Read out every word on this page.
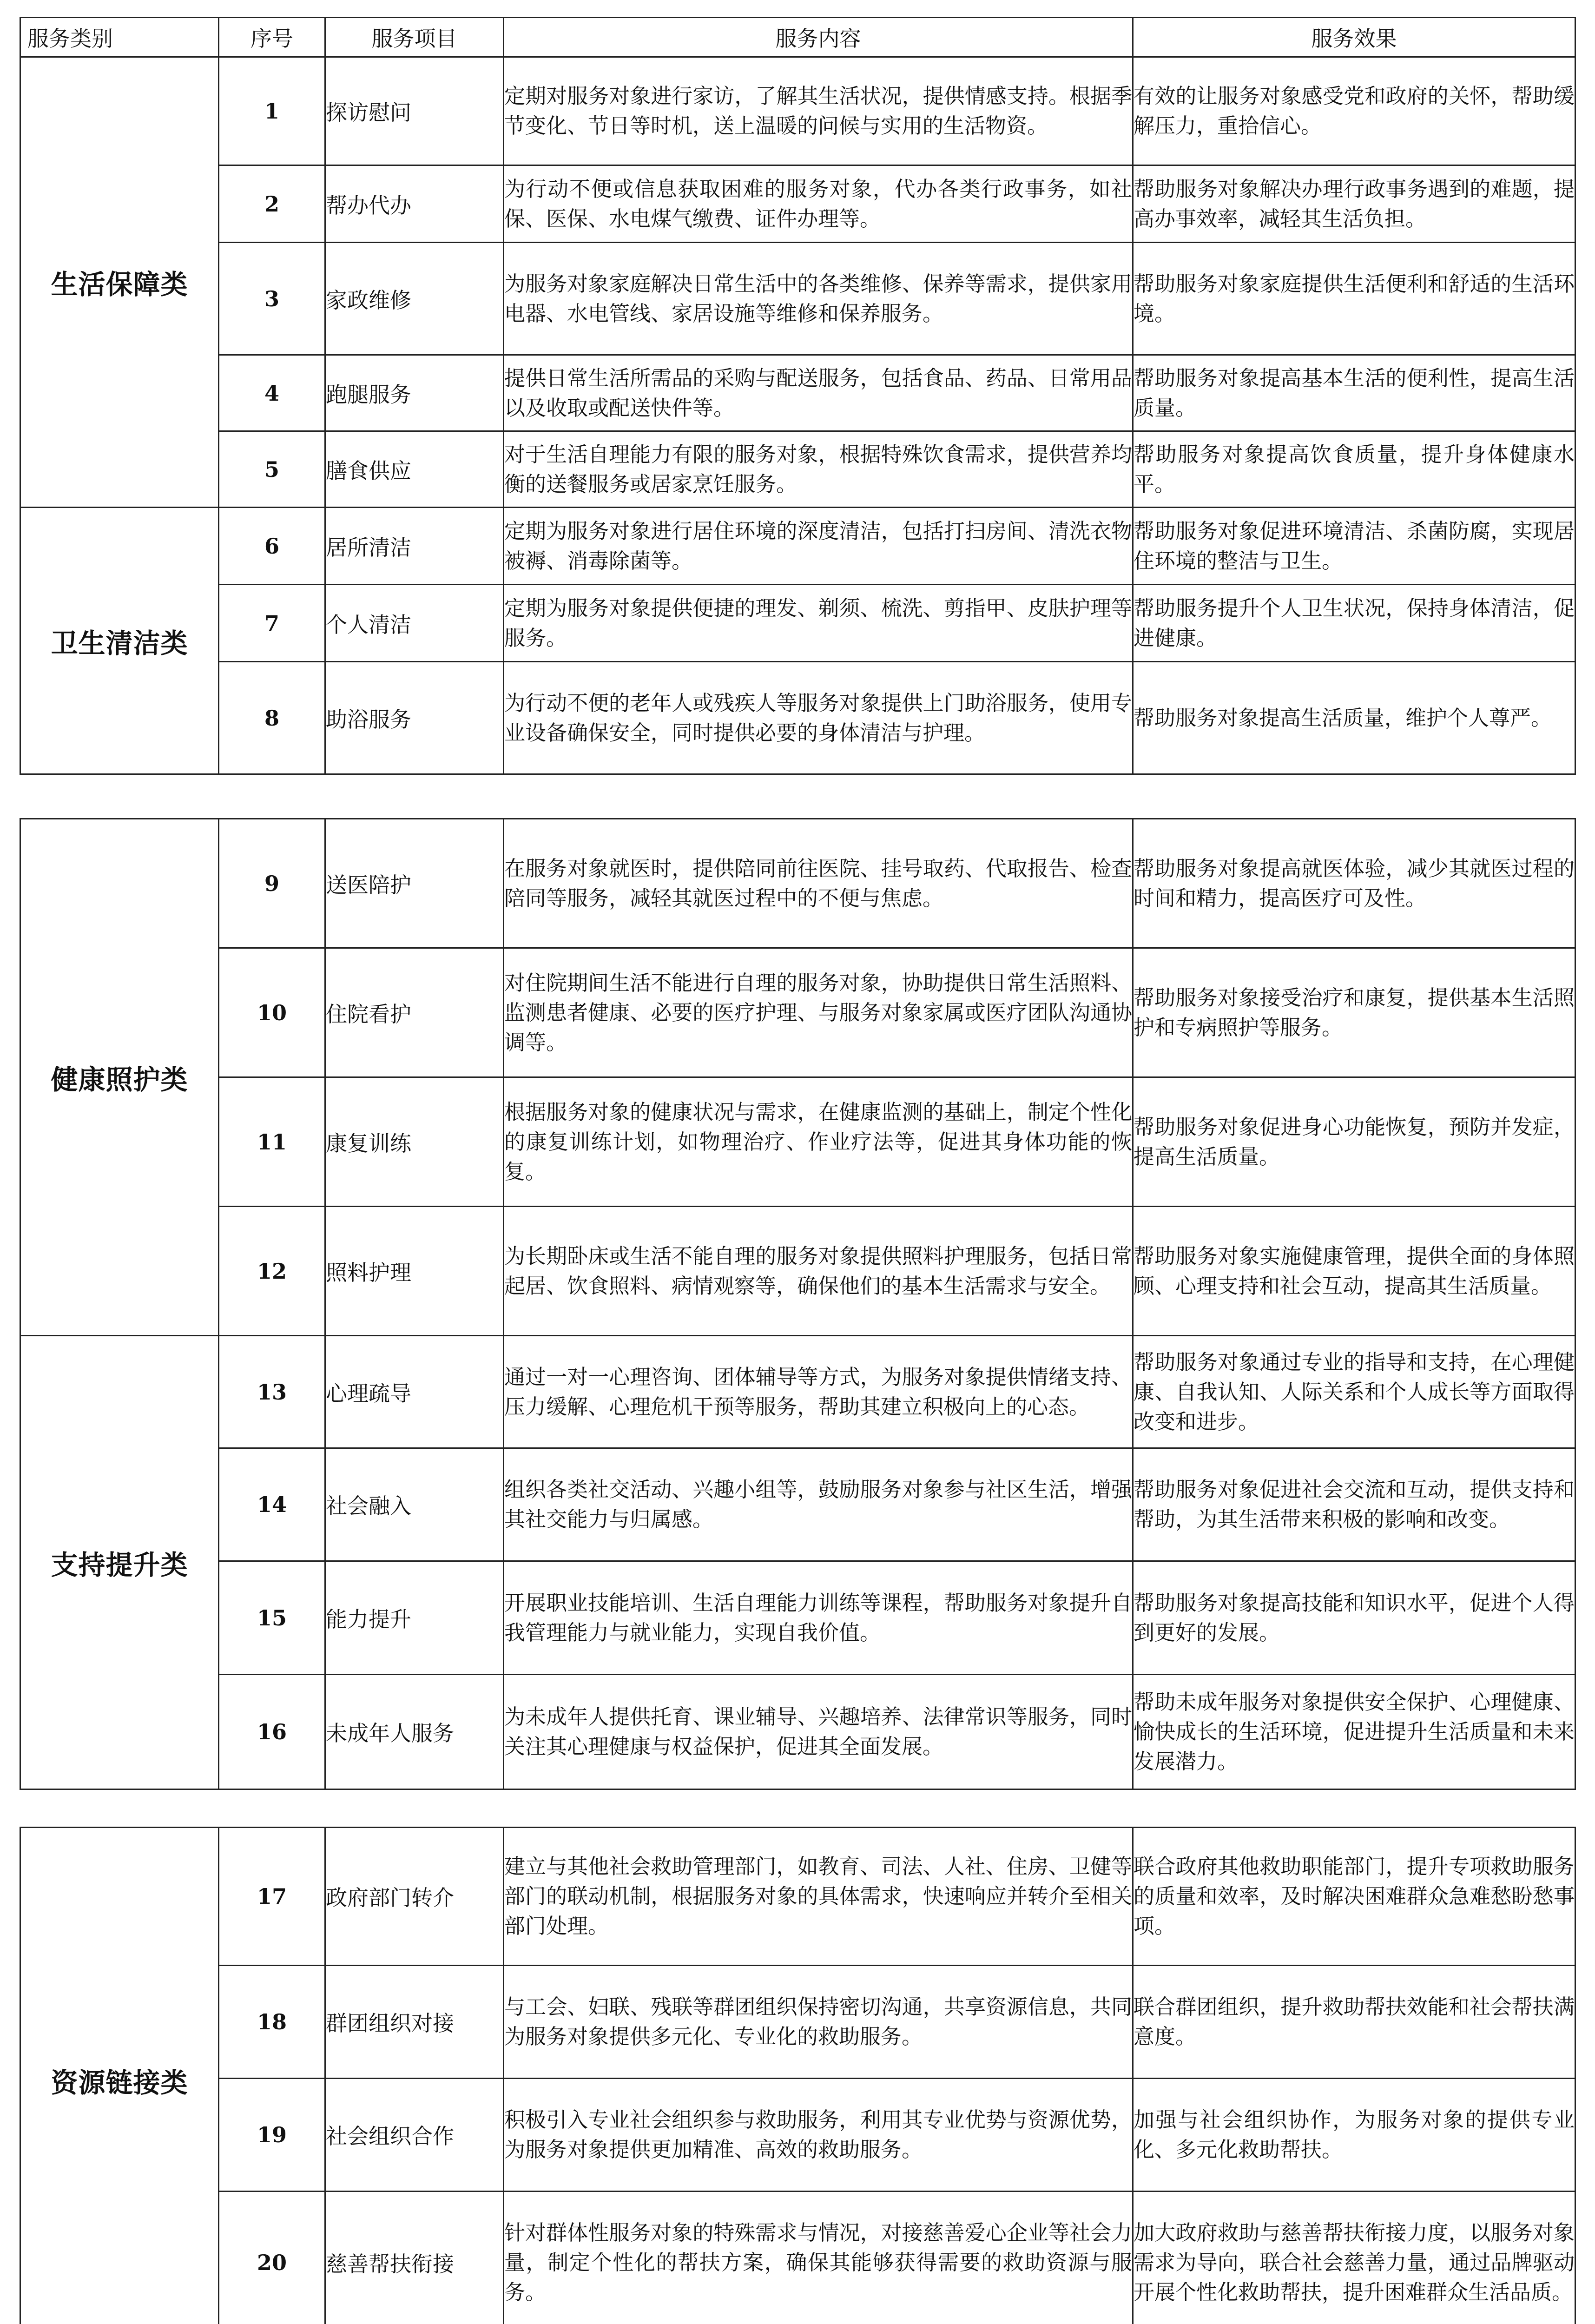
服务类别	序号	服务项目	服务内容	服务效果
生活保障类	1	探访慰问	定期对服务对象进行家访，了解其生活状况，提供情感支持。根据季节变化、节日等时机，送上温暖的问候与实用的生活物资。	有效的让服务对象感受党和政府的关怀，帮助缓解压力，重拾信心。
	2	帮办代办	为行动不便或信息获取困难的服务对象，代办各类行政事务，如社保、医保、水电煤气缴费、证件办理等。	帮助服务对象解决办理行政事务遇到的难题，提高办事效率，减轻其生活负担。
	3	家政维修	为服务对象家庭解决日常生活中的各类维修、保养等需求，提供家用电器、水电管线、家居设施等维修和保养服务。	帮助服务对象家庭提供生活便利和舒适的生活环境。
	4	跑腿服务	提供日常生活所需品的采购与配送服务，包括食品、药品、日常用品以及收取或配送快件等。	帮助服务对象提高基本生活的便利性，提高生活质量。
	5	膳食供应	对于生活自理能力有限的服务对象，根据特殊饮食需求，提供营养均衡的送餐服务或居家烹饪服务。	帮助服务对象提高饮食质量，提升身体健康水平。
卫生清洁类	6	居所清洁	定期为服务对象进行居住环境的深度清洁，包括打扫房间、清洗衣物被褥、消毒除菌等。	帮助服务对象促进环境清洁、杀菌防腐，实现居住环境的整洁与卫生。
	7	个人清洁	定期为服务对象提供便捷的理发、剃须、梳洗、剪指甲、皮肤护理等服务。	帮助服务提升个人卫生状况，保持身体清洁，促进健康。
	8	助浴服务	为行动不便的老年人或残疾人等服务对象提供上门助浴服务，使用专业设备确保安全，同时提供必要的身体清洁与护理。	帮助服务对象提高生活质量，维护个人尊严。
健康照护类	9	送医陪护	在服务对象就医时，提供陪同前往医院、挂号取药、代取报告、检查陪同等服务，减轻其就医过程中的不便与焦虑。	帮助服务对象提高就医体验，减少其就医过程的时间和精力，提高医疗可及性。
	10	住院看护	对住院期间生活不能进行自理的服务对象，协助提供日常生活照料、监测患者健康、必要的医疗护理、与服务对象家属或医疗团队沟通协调等。	帮助服务对象接受治疗和康复，提供基本生活照护和专病照护等服务。
	11	康复训练	根据服务对象的健康状况与需求，在健康监测的基础上，制定个性化的康复训练计划，如物理治疗、作业疗法等，促进其身体功能的恢复。	帮助服务对象促进身心功能恢复，预防并发症，提高生活质量。
	12	照料护理	为长期卧床或生活不能自理的服务对象提供照料护理服务，包括日常起居、饮食照料、病情观察等，确保他们的基本生活需求与安全。	帮助服务对象实施健康管理，提供全面的身体照顾、心理支持和社会互动，提高其生活质量。
支持提升类	13	心理疏导	通过一对一心理咨询、团体辅导等方式，为服务对象提供情绪支持、压力缓解、心理危机干预等服务，帮助其建立积极向上的心态。	帮助服务对象通过专业的指导和支持，在心理健康、自我认知、人际关系和个人成长等方面取得改变和进步。
	14	社会融入	组织各类社交活动、兴趣小组等，鼓励服务对象参与社区生活，增强其社交能力与归属感。	帮助服务对象促进社会交流和互动，提供支持和帮助，为其生活带来积极的影响和改变。
	15	能力提升	开展职业技能培训、生活自理能力训练等课程，帮助服务对象提升自我管理能力与就业能力，实现自我价值。	帮助服务对象提高技能和知识水平，促进个人得到更好的发展。
	16	未成年人服务	为未成年人提供托育、课业辅导、兴趣培养、法律常识等服务，同时关注其心理健康与权益保护，促进其全面发展。	帮助未成年服务对象提供安全保护、心理健康、愉快成长的生活环境，促进提升生活质量和未来发展潜力。
资源链接类	17	政府部门转介	建立与其他社会救助管理部门，如教育、司法、人社、住房、卫健等部门的联动机制，根据服务对象的具体需求，快速响应并转介至相关部门处理。	联合政府其他救助职能部门，提升专项救助服务的质量和效率，及时解决困难群众急难愁盼愁事项。
	18	群团组织对接	与工会、妇联、残联等群团组织保持密切沟通，共享资源信息，共同为服务对象提供多元化、专业化的救助服务。	联合群团组织，提升救助帮扶效能和社会帮扶满意度。
	19	社会组织合作	积极引入专业社会组织参与救助服务，利用其专业优势与资源优势，为服务对象提供更加精准、高效的救助服务。	加强与社会组织协作，为服务对象的提供专业化、多元化救助帮扶。
	20	慈善帮扶衔接	针对群体性服务对象的特殊需求与情况，对接慈善爱心企业等社会力量，制定个性化的帮扶方案，确保其能够获得需要的救助资源与服务。	加大政府救助与慈善帮扶衔接力度，以服务对象需求为导向，联合社会慈善力量，通过品牌驱动开展个性化救助帮扶，提升困难群众生活品质。
